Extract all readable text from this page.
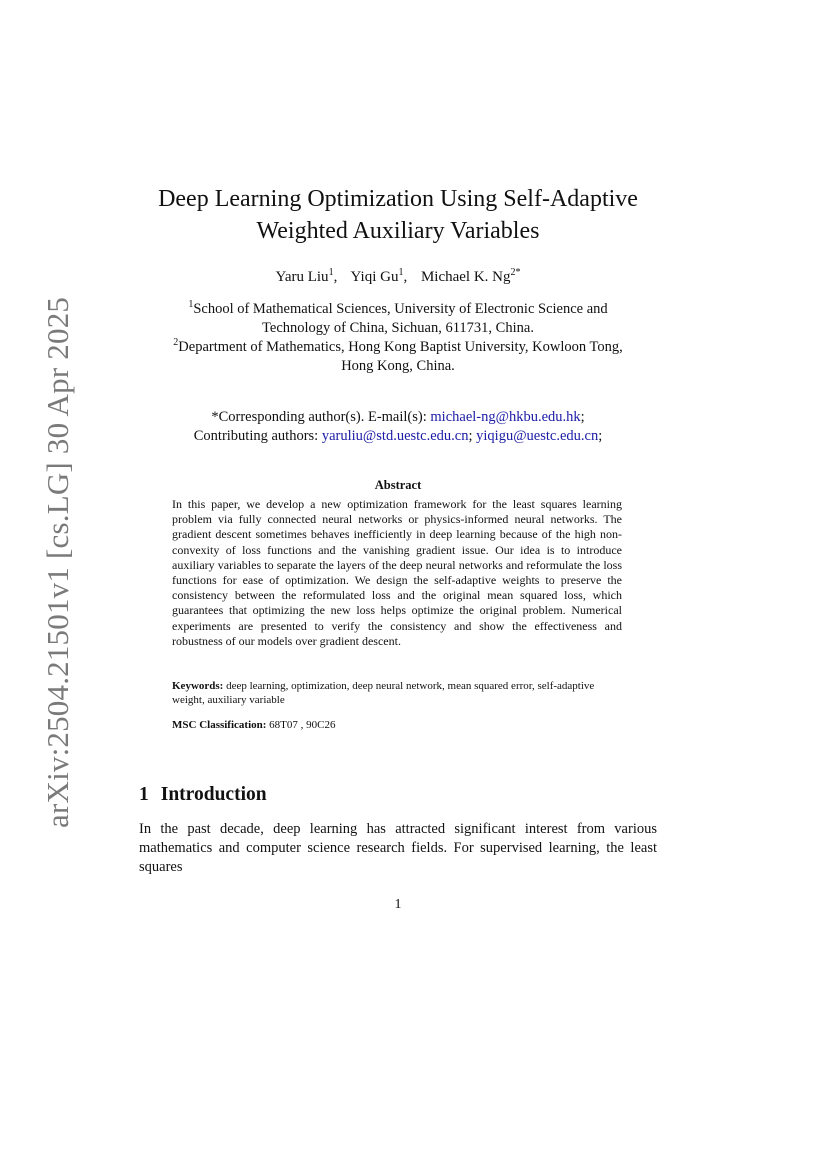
arXiv:2504.21501v1 [cs.LG] 30 Apr 2025
Deep Learning Optimization Using Self-Adaptive
Weighted Auxiliary Variables
Yaru Liu$^1$, Yiqi Gu$^1$, Michael K. $Ng^{2*}$
$^1$School of Mathematical Sciences, University of Electronic Science and Technology of China, Sichuan, 611731, China.
$^2$Department of Mathematics, Hong Kong Baptist University, Kowloon Tong, Hong Kong, China.
*Corresponding author(s). E-mail(s): michael-ng@hkbu.edu.hk;
Contributing authors: yaruliu@std.uestc.edu.cn; yiqigu@uestc.edu.cn;
Abstract
In this paper, we develop a new optimization framework for the least squares learning problem via fully connected neural networks or physics-informed neural networks. The gradient descent sometimes behaves inefficiently in deep learning because of the high non-convexity of loss functions and the vanishing gradient issue. Our idea is to introduce auxiliary variables to separate the layers of the deep neural networks and reformulate the loss functions for ease of optimization. We design the self-adaptive weights to preserve the consistency between the reformulated loss and the original mean squared loss, which guarantees that optimizing the new loss helps optimize the original problem. Numerical experiments are presented to verify the consistency and show the effectiveness and robustness of our models over gradient descent.
Keywords: deep learning, optimization, deep neural network, mean squared error, self-adaptive weight, auxiliary variable
MSC Classification: 68T07 , 90C26
1 Introduction
In the past decade, deep learning has attracted significant interest from various mathematics and computer science research fields. For supervised learning, the least squares
1
